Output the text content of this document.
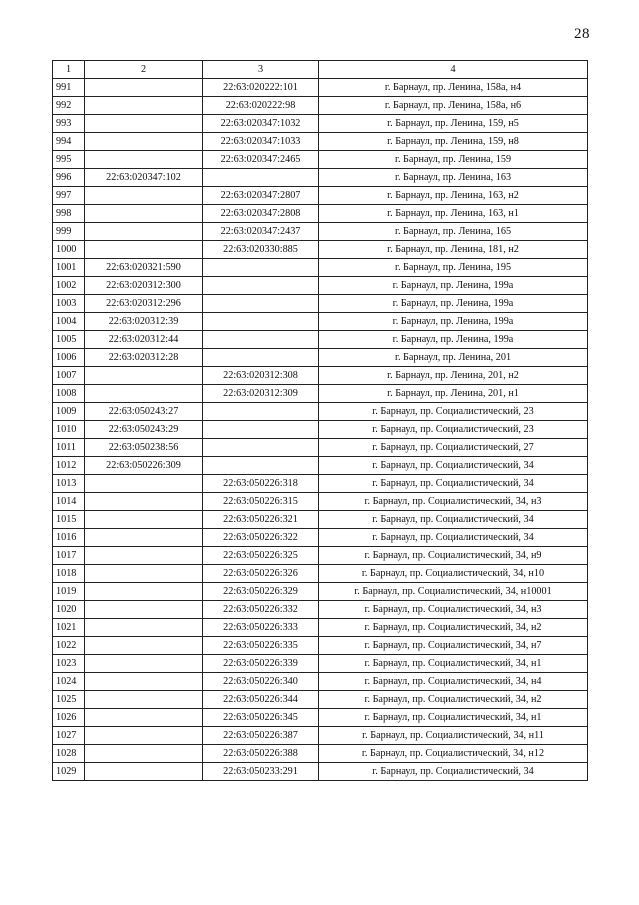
28
1	2	3	4
991		22:63:020222:101	г. Барнаул, пр. Ленина, 158а, н4
992		22:63:020222:98	г. Барнаул, пр. Ленина, 158а, н6
993		22:63:020347:1032	г. Барнаул, пр. Ленина, 159, н5
994		22:63:020347:1033	г. Барнаул, пр. Ленина, 159, н8
995		22:63:020347:2465	г. Барнаул, пр. Ленина, 159
996	22:63:020347:102		г. Барнаул, пр. Ленина, 163
997		22:63:020347:2807	г. Барнаул, пр. Ленина, 163, н2
998		22:63:020347:2808	г. Барнаул, пр. Ленина, 163, н1
999		22:63:020347:2437	г. Барнаул, пр. Ленина, 165
1000		22:63:020330:885	г. Барнаул, пр. Ленина, 181, н2
1001	22:63:020321:590		г. Барнаул, пр. Ленина, 195
1002	22:63:020312:300		г. Барнаул, пр. Ленина, 199а
1003	22:63:020312:296		г. Барнаул, пр. Ленина, 199а
1004	22:63:020312:39		г. Барнаул, пр. Ленина, 199а
1005	22:63:020312:44		г. Барнаул, пр. Ленина, 199а
1006	22:63:020312:28		г. Барнаул, пр. Ленина, 201
1007		22:63:020312:308	г. Барнаул, пр. Ленина, 201, н2
1008		22:63:020312:309	г. Барнаул, пр. Ленина, 201, н1
1009	22:63:050243:27		г. Барнаул, пр. Социалистический, 23
1010	22:63:050243:29		г. Барнаул, пр. Социалистический, 23
1011	22:63:050238:56		г. Барнаул, пр. Социалистический, 27
1012	22:63:050226:309		г. Барнаул, пр. Социалистический, 34
1013		22:63:050226:318	г. Барнаул, пр. Социалистический, 34
1014		22:63:050226:315	г. Барнаул, пр. Социалистический, 34, н3
1015		22:63:050226:321	г. Барнаул, пр. Социалистический, 34
1016		22:63:050226:322	г. Барнаул, пр. Социалистический, 34
1017		22:63:050226:325	г. Барнаул, пр. Социалистический, 34, н9
1018		22:63:050226:326	г. Барнаул, пр. Социалистический, 34, н10
1019		22:63:050226:329	г. Барнаул, пр. Социалистический, 34, н10001
1020		22:63:050226:332	г. Барнаул, пр. Социалистический, 34, н3
1021		22:63:050226:333	г. Барнаул, пр. Социалистический, 34, н2
1022		22:63:050226:335	г. Барнаул, пр. Социалистический, 34, н7
1023		22:63:050226:339	г. Барнаул, пр. Социалистический, 34, н1
1024		22:63:050226:340	г. Барнаул, пр. Социалистический, 34, н4
1025		22:63:050226:344	г. Барнаул, пр. Социалистический, 34, н2
1026		22:63:050226:345	г. Барнаул, пр. Социалистический, 34, н1
1027		22:63:050226:387	г. Барнаул, пр. Социалистический, 34, н11
1028		22:63:050226:388	г. Барнаул, пр. Социалистический, 34, н12
1029		22:63:050233:291	г. Барнаул, пр. Социалистический, 34
